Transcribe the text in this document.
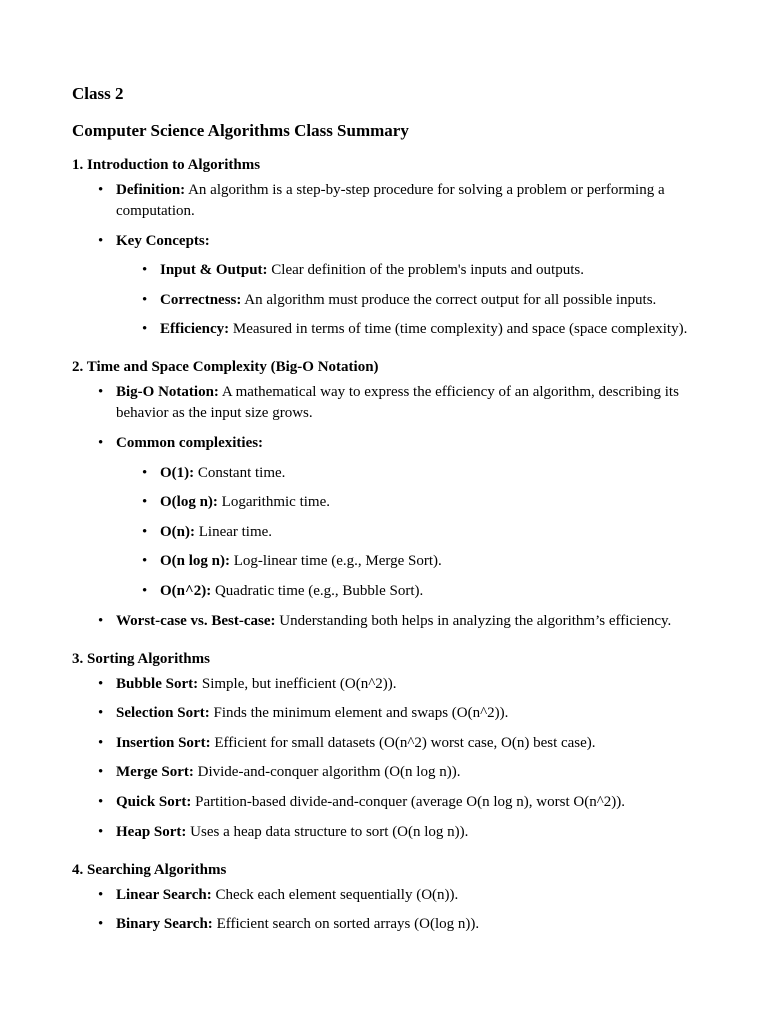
Class 2

Computer Science Algorithms Class Summary

1. Introduction to Algorithms

• Definition: An algorithm is a step-by-step procedure for solving a problem or performing a computation.
• Key Concepts:
• Input & Output: Clear definition of the problem's inputs and outputs.
• Correctness: An algorithm must produce the correct output for all possible inputs.
• Efficiency: Measured in terms of time (time complexity) and space (space complexity).

2. Time and Space Complexity (Big-O Notation)

• Big-O Notation: A mathematical way to express the efficiency of an algorithm, describing its behavior as the input size grows.
• Common complexities:
• O(1): Constant time.
• O(log n): Logarithmic time.
• O(n): Linear time.
• O(n log n): Log-linear time (e.g., Merge Sort).
• O(n^2): Quadratic time (e.g., Bubble Sort).
• Worst-case vs. Best-case: Understanding both helps in analyzing the algorithm’s efficiency.

3. Sorting Algorithms

• Bubble Sort: Simple, but inefficient (O(n^2)).
• Selection Sort: Finds the minimum element and swaps (O(n^2)).
• Insertion Sort: Efficient for small datasets (O(n^2) worst case, O(n) best case).
• Merge Sort: Divide-and-conquer algorithm (O(n log n)).
• Quick Sort: Partition-based divide-and-conquer (average O(n log n), worst O(n^2)).
• Heap Sort: Uses a heap data structure to sort (O(n log n)).

4. Searching Algorithms

• Linear Search: Check each element sequentially (O(n)).
• Binary Search: Efficient search on sorted arrays (O(log n)).
